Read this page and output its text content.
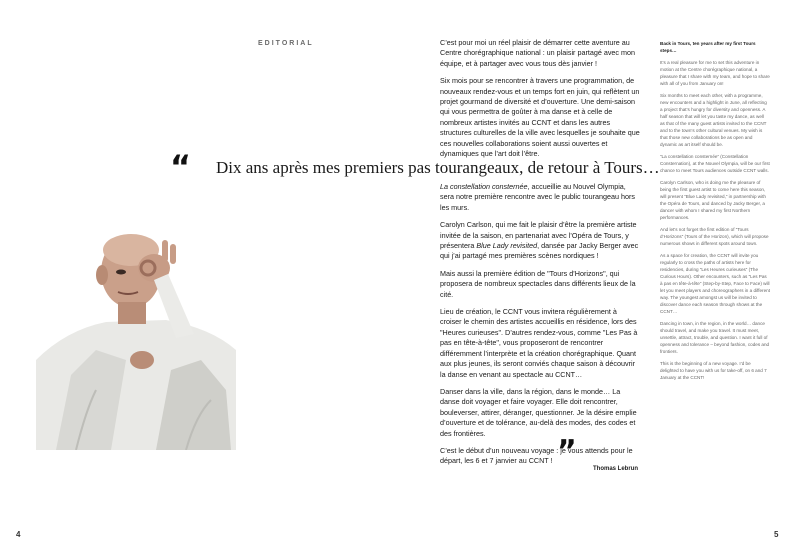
EDITORIAL
“ Dix ans après mes premiers pas tourangeaux, de retour à Tours…

C’est pour moi un réel plaisir de démarrer cette aventure au Centre chorégraphique national : un plaisir partagé avec mon équipe, et à partager avec vous tous dès janvier !

Six mois pour se rencontrer à travers une programmation, de nouveaux rendez-vous et un temps fort en juin, qui reflètent un projet gourmand de diversité et d’ouverture. Une demi-saison qui vous permettra de goûter à ma danse et à celle de nombreux artistes invités au CCNT et dans les autres structures culturelles de la ville avec lesquelles je souhaite que ces nouvelles collaborations soient aussi ouvertes et dynamiques que l’art doit l’être.

La constellation consternée, accueillie au Nouvel Olympia, sera notre première rencontre avec le public tourangeau hors les murs.

Carolyn Carlson, qui me fait le plaisir d’être la première artiste invitée de la saison, en partenariat avec l’Opéra de Tours, y présentera Blue Lady revisited, dansée par Jacky Berger avec qui j’ai partagé mes premières scènes nordiques !

Mais aussi la première édition de "Tours d’Horizons", qui proposera de nombreux spectacles dans différents lieux de la cité.

Lieu de création, le CCNT vous invitera régulièrement à croiser le chemin des artistes accueillis en résidence, lors des "Heures curieuses". D’autres rendez-vous, comme "Les Pas à pas en tête-à-tête", vous proposeront de rencontrer différemment l’interprète et la création chorégraphique. Quant aux plus jeunes, ils seront conviés chaque saison à découvrir la danse en venant au spectacle au CCNT…

Danser dans la ville, dans la région, dans le monde… La danse doit voyager et faire voyager. Elle doit rencontrer, bouleverser, attirer, déranger, questionner. Je la désire emplie d’ouverture et de tolérance, au-delà des modes, des codes et des frontières.

C’est le début d’un nouveau voyage : je vous attends pour le départ, les 6 et 7 janvier au CCNT ! ”	Thomas Lebrun

Back in Tours, ten years after my first Tours steps…

It’s a real pleasure for me to set this adventure in motion at the Centre chorégraphique national, a pleasure that I share with my team, and hope to share with all of you from January on!

Six months to meet each other, with a programme, new encounters and a highlight in June, all reflecting a project that’s hungry for diversity and openness. A half season that will let you taste my dance, as well as that of the many guest artists invited to the CCNT and to the town’s other cultural venues. My wish is that those new collaborations be as open and dynamic as art itself should be.

“La constellation consternée” (Constellation Consternation), at the Nouvel Olympia, will be our first chance to meet Tours audiences outside CCNT walls.

Carolyn Carlson, who is doing me the pleasure of being the first guest artist to come here this season, will present “Blue Lady revisited,” in partnership with the Opéra de Tours, and danced by Jacky Berger, a dancer with whom I shared my first Northern performances.

And let’s not forget the first edition of “Tours d’Horizons” (Tours of the Horizon), which will propose numerous shows in different spots around town.

As a space for creation, the CCNT will invite you regularly to cross the paths of artists here for residencies, during “Les Heures curieuses” (The Curious Hours). Other encounters, such as “Les Pas à pas en tête-à-tête” (Step-by-Step, Face to Face) will let you meet players and choreographers in a different way. The youngest amongst us will be invited to discover dance each season through shows at the CCNT…

Dancing in town, in the region, in the world… dance should travel, and make you travel. It must meet, unsettle, attract, trouble, and question. I want it full of openness and tolerance – beyond fashion, codes and frontiers.

This is the beginning of a new voyage. I’d be delighted to have you with us for take-off, on 6 and 7 January at the CCNT!

4	5
